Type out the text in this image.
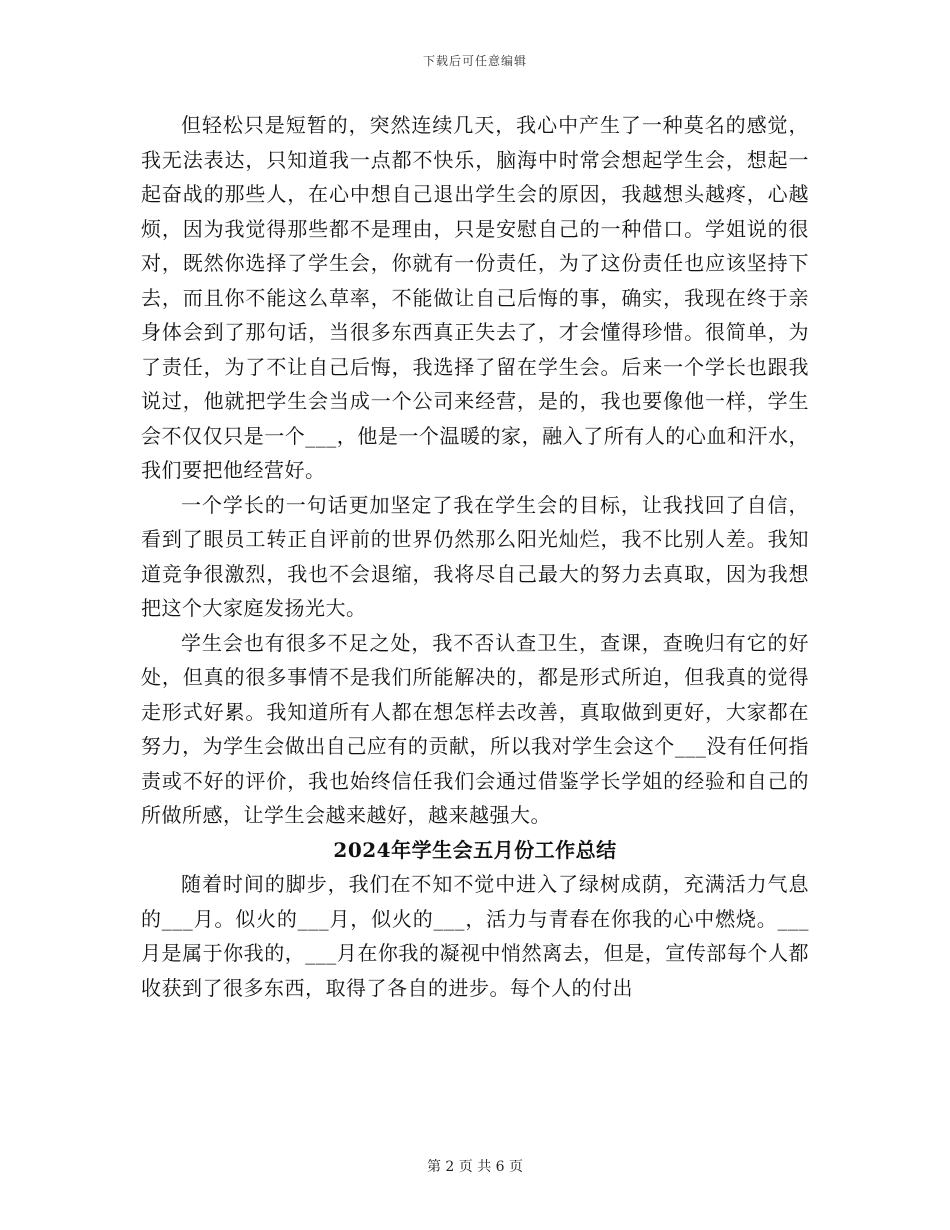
下载后可任意编辑

但轻松只是短暂的，突然连续几天，我心中产生了一种莫名的感觉，我无法表达，只知道我一点都不快乐，脑海中时常会想起学生会，想起一起奋战的那些人，在心中想自己退出学生会的原因，我越想头越疼，心越烦，因为我觉得那些都不是理由，只是安慰自己的一种借口。学姐说的很对，既然你选择了学生会，你就有一份责任，为了这份责任也应该坚持下去，而且你不能这么草率，不能做让自己后悔的事，确实，我现在终于亲身体会到了那句话，当很多东西真正失去了，才会懂得珍惜。很简单，为了责任，为了不让自己后悔，我选择了留在学生会。后来一个学长也跟我说过，他就把学生会当成一个公司来经营，是的，我也要像他一样，学生会不仅仅只是一个___，他是一个温暖的家，融入了所有人的心血和汗水，我们要把他经营好。

一个学长的一句话更加坚定了我在学生会的目标，让我找回了自信，看到了眼员工转正自评前的世界仍然那么阳光灿烂，我不比别人差。我知道竞争很激烈，我也不会退缩，我将尽自己最大的努力去真取，因为我想把这个大家庭发扬光大。

学生会也有很多不足之处，我不否认查卫生，查课，查晚归有它的好处，但真的很多事情不是我们所能解决的，都是形式所迫，但我真的觉得走形式好累。我知道所有人都在想怎样去改善，真取做到更好，大家都在努力，为学生会做出自己应有的贡献，所以我对学生会这个___没有任何指责或不好的评价，我也始终信任我们会通过借鉴学长学姐的经验和自己的所做所感，让学生会越来越好，越来越强大。

2024年学生会五月份工作总结

随着时间的脚步，我们在不知不觉中进入了绿树成荫，充满活力气息的___月。似火的___月，似火的___，活力与青春在你我的心中燃烧。___月是属于你我的，___月在你我的凝视中悄然离去，但是，宣传部每个人都收获到了很多东西，取得了各自的进步。每个人的付出

第 2 页 共 6 页
